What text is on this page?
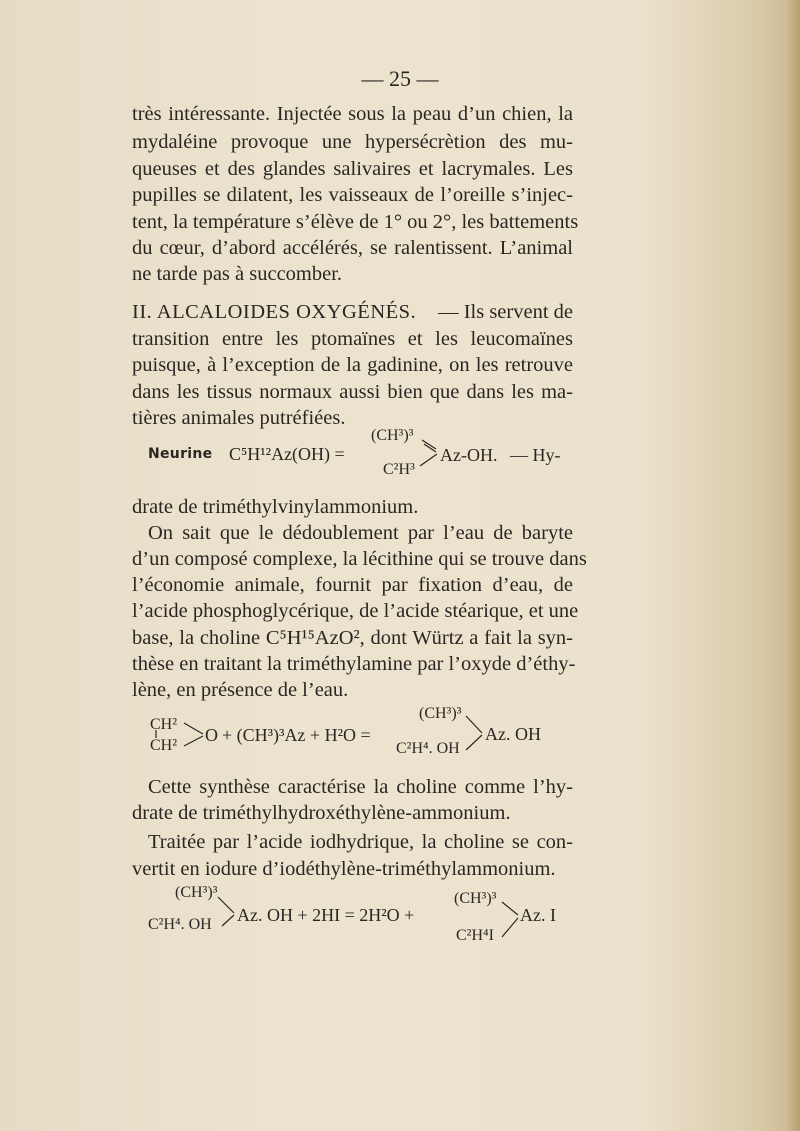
— 25 —
très intéressante. Injectée sous la peau d’un chien, la
mydaléine provoque une hypersécrètion des mu-
queuses et des glandes salivaires et lacrymales. Les
pupilles se dilatent, les vaisseaux de l’oreille s’injec-
tent, la température s’élève de 1° ou 2°, les battements
du cœur, d’abord accélérés, se ralentissent. L’animal
ne tarde pas à succomber.
II. ALCALOIDES OXYGÉNÉS. — Ils servent de
transition entre les ptomaïnes et les leucomaïnes
puisque, à l’exception de la gadinine, on les retrouve
dans les tissus normaux aussi bien que dans les ma-
tières animales putréfiées.
Neurine C⁵H¹²Az(OH) =
(CH³)³
C²H³
Az-OH. — Hy-
drate de triméthylvinylammonium.
On sait que le dédoublement par l’eau de baryte
d’un composé complexe, la lécithine qui se trouve dans
l’économie animale, fournit par fixation d’eau, de
l’acide phosphoglycérique, de l’acide stéarique, et une
base, la choline C⁵H¹⁵AzO², dont Würtz a fait la syn-
thèse en traitant la triméthylamine par l’oxyde d’éthy-
lène, en présence de l’eau.
CH²
CH²
O + (CH³)³Az + H²O =
(CH³)³
C²H⁴. OH
Az. OH
Cette synthèse caractérise la choline comme l’hy-
drate de triméthylhydroxéthylène-ammonium.
Traitée par l’acide iodhydrique, la choline se con-
vertit en iodure d’iodéthylène-triméthylammonium.
(CH³)³
C²H⁴. OH Az. OH + 2HI = 2H²O +
(CH³)³
C²H⁴I
Az. I
